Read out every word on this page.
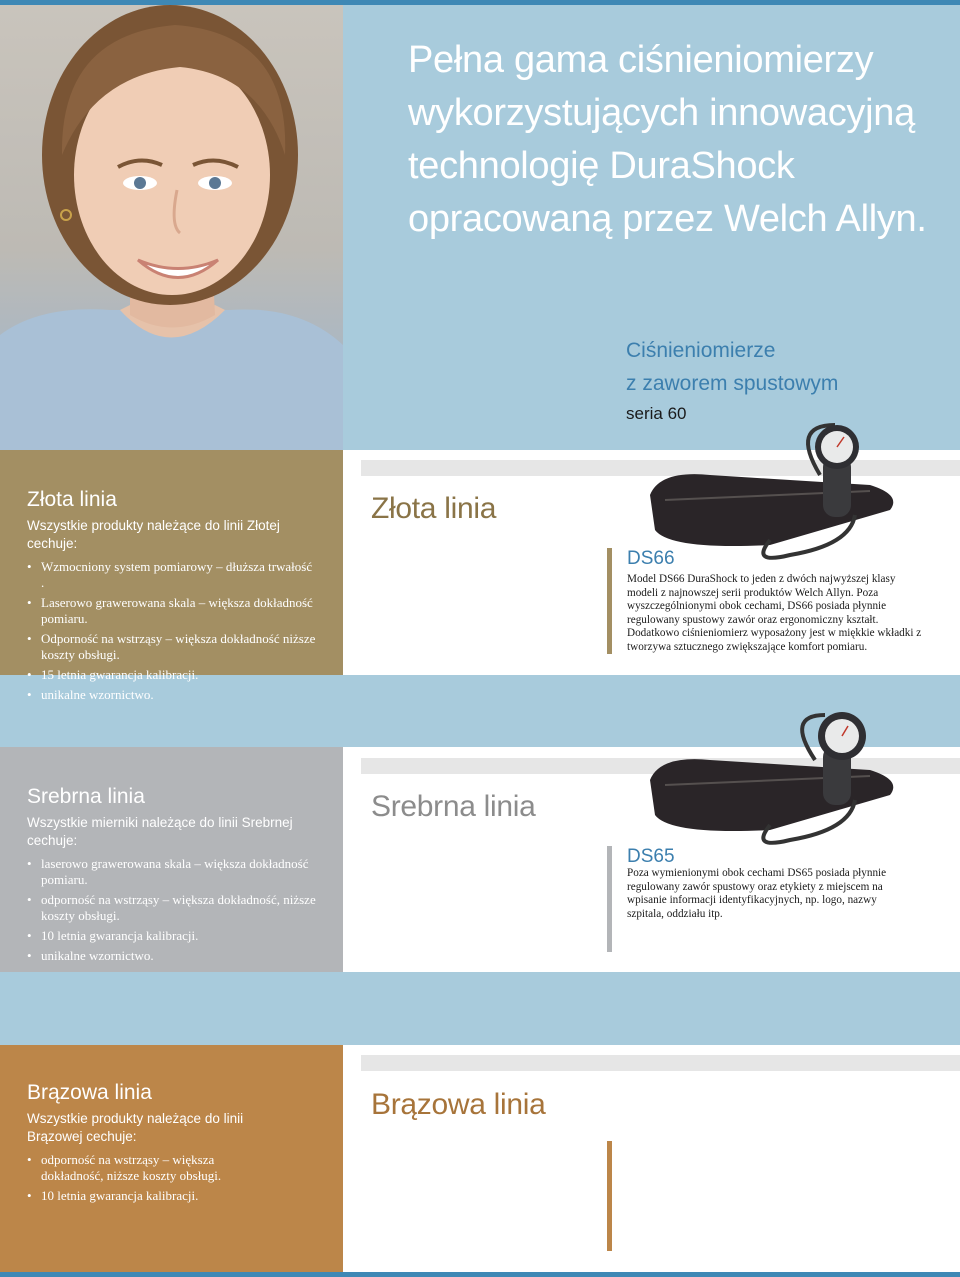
Pełna gama ciśnieniomierzy wykorzystujących innowacyjną technologię DuraShock opracowaną przez Welch Allyn.
Ciśnieniomierze
z zaworem spustowym
seria 60
Złota linia
Wszystkie produkty należące do linii Złotej cechuje:
• Wzmocniony system pomiarowy – dłuższa trwałość .
• Laserowo grawerowana skala – większa dokładność pomiaru.
• Odporność na wstrząsy – większa dokładność niższe koszty obsługi.
• 15 letnia gwarancja kalibracji.
• unikalne wzornictwo.
Złota linia
DS66
Model DS66 DuraShock to jeden z dwóch najwyższej klasy modeli z najnowszej serii produktów Welch Allyn. Poza wyszczególnionymi obok cechami, DS66 posiada płynnie regulowany spustowy zawór oraz ergonomiczny kształt. Dodatkowo ciśnieniomierz wyposażony jest w miękkie wkładki z tworzywa sztucznego zwiększające komfort pomiaru.
Srebrna linia
Wszystkie mierniki należące do linii Srebrnej cechuje:
• laserowo grawerowana skala – większa dokładność pomiaru.
• odporność na wstrząsy – większa dokładność, niższe koszty obsługi.
• 10 letnia gwarancja kalibracji.
• unikalne wzornictwo.
Srebrna linia
DS65
Poza wymienionymi obok cechami DS65 posiada płynnie regulowany zawór spustowy oraz etykiety z miejscem na wpisanie informacji identyfikacyjnych, np. logo, nazwy szpitala, oddziału itp.
Brązowa linia
Wszystkie produkty należące do linii Brązowej cechuje:
• odporność na wstrząsy – większa dokładność, niższe koszty obsługi.
• 10 letnia gwarancja kalibracji.
Brązowa linia
